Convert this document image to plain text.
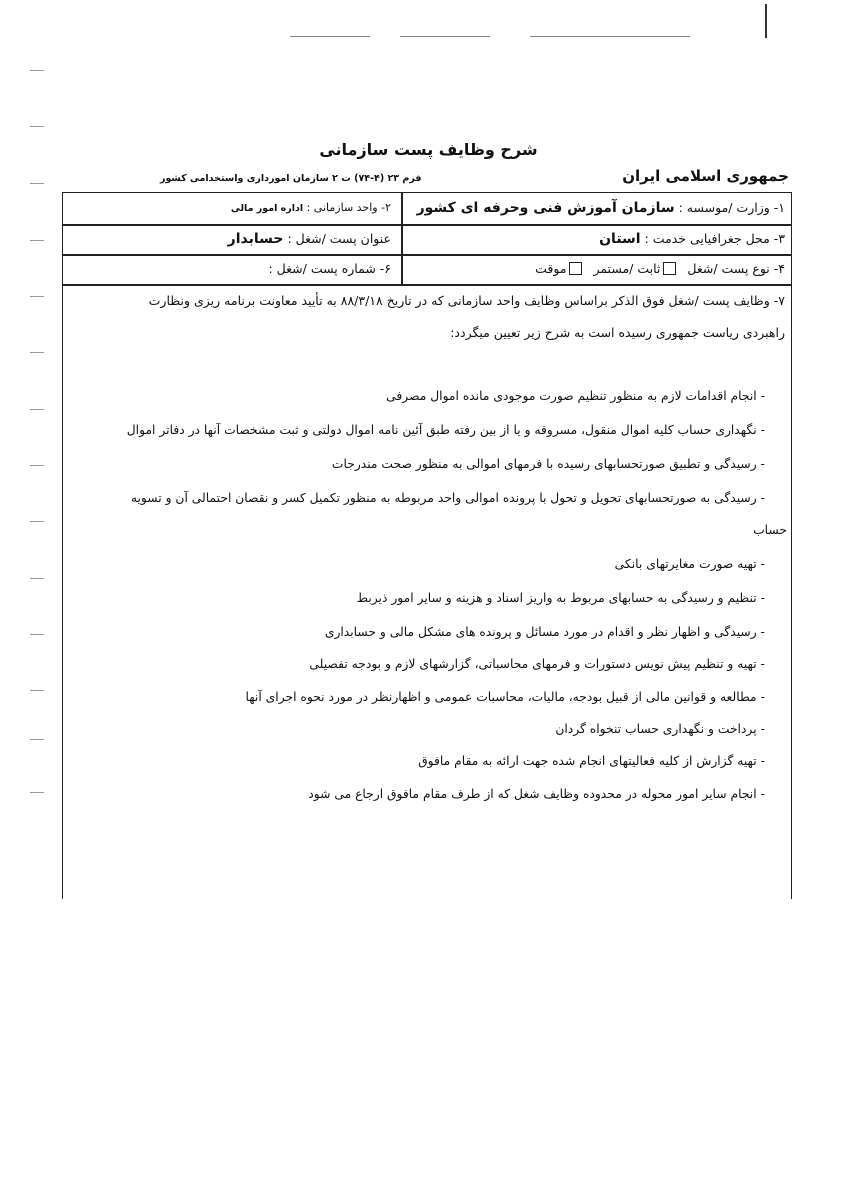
شرح وظایف پست سازمانی
جمهوری اسلامی ایران
فرم ۲۳ (۴-۷۴) ت ۲ سازمان امورداری واستخدامی کشور
۱- وزارت /موسسه : سازمان آموزش فنی وحرفه ای کشور
۲- واحد سازمانی : اداره امور مالی
۳- محل جغرافیایی خدمت : استان
عنوان پست /شغل : حسابدار
۴- نوع پست /شغل  ثابت /مستمر  موقت
۶- شماره پست /شغل :
۷- وظایف پست /شغل فوق الذکر براساس وظایف واحد سازمانی که در تاریخ ۸۸/۳/۱۸ به تأیید معاونت برنامه ریزی ونظارت
راهبردی ریاست جمهوری رسیده است به شرح زیر تعیین میگردد:
- انجام اقدامات لازم به منظور تنظیم صورت موجودی مانده اموال مصرفی
- نگهداری حساب کلیه اموال منقول، مسروقه و یا از بین رفته طبق آئین نامه اموال دولتی و ثبت مشخصات آنها در دفاتر اموال
- رسیدگی و تطبیق صورتحسابهای رسیده با فرمهای اموالی به منظور صحت مندرجات
- رسیدگی به صورتحسابهای تحویل و تحول با پرونده اموالی واحد مربوطه به منظور تکمیل کسر و نقصان احتمالی آن و تسویه
حساب
- تهیه صورت مغایرتهای بانکی
- تنظیم و رسیدگی به حسابهای مربوط به واریز اسناد و هزینه و سایر امور ذیربط
- رسیدگی و اظهار نظر و اقدام در مورد مسائل و پرونده های مشکل مالی و حسابداری
- تهیه و تنظیم پیش نویس دستورات و فرمهای محاسباتی، گزارشهای لازم و بودجه تفصیلی
- مطالعه و قوانین مالی از قبیل بودجه، مالیات، محاسبات عمومی و اظهارنظر در مورد نحوه اجرای آنها
- پرداخت و نگهداری حساب تنخواه گردان
- تهیه گزارش از کلیه فعالیتهای انجام شده جهت ارائه به مقام مافوق
- انجام سایر امور محوله در محدوده وظایف شغل که از طرف مقام مافوق ارجاع می شود
